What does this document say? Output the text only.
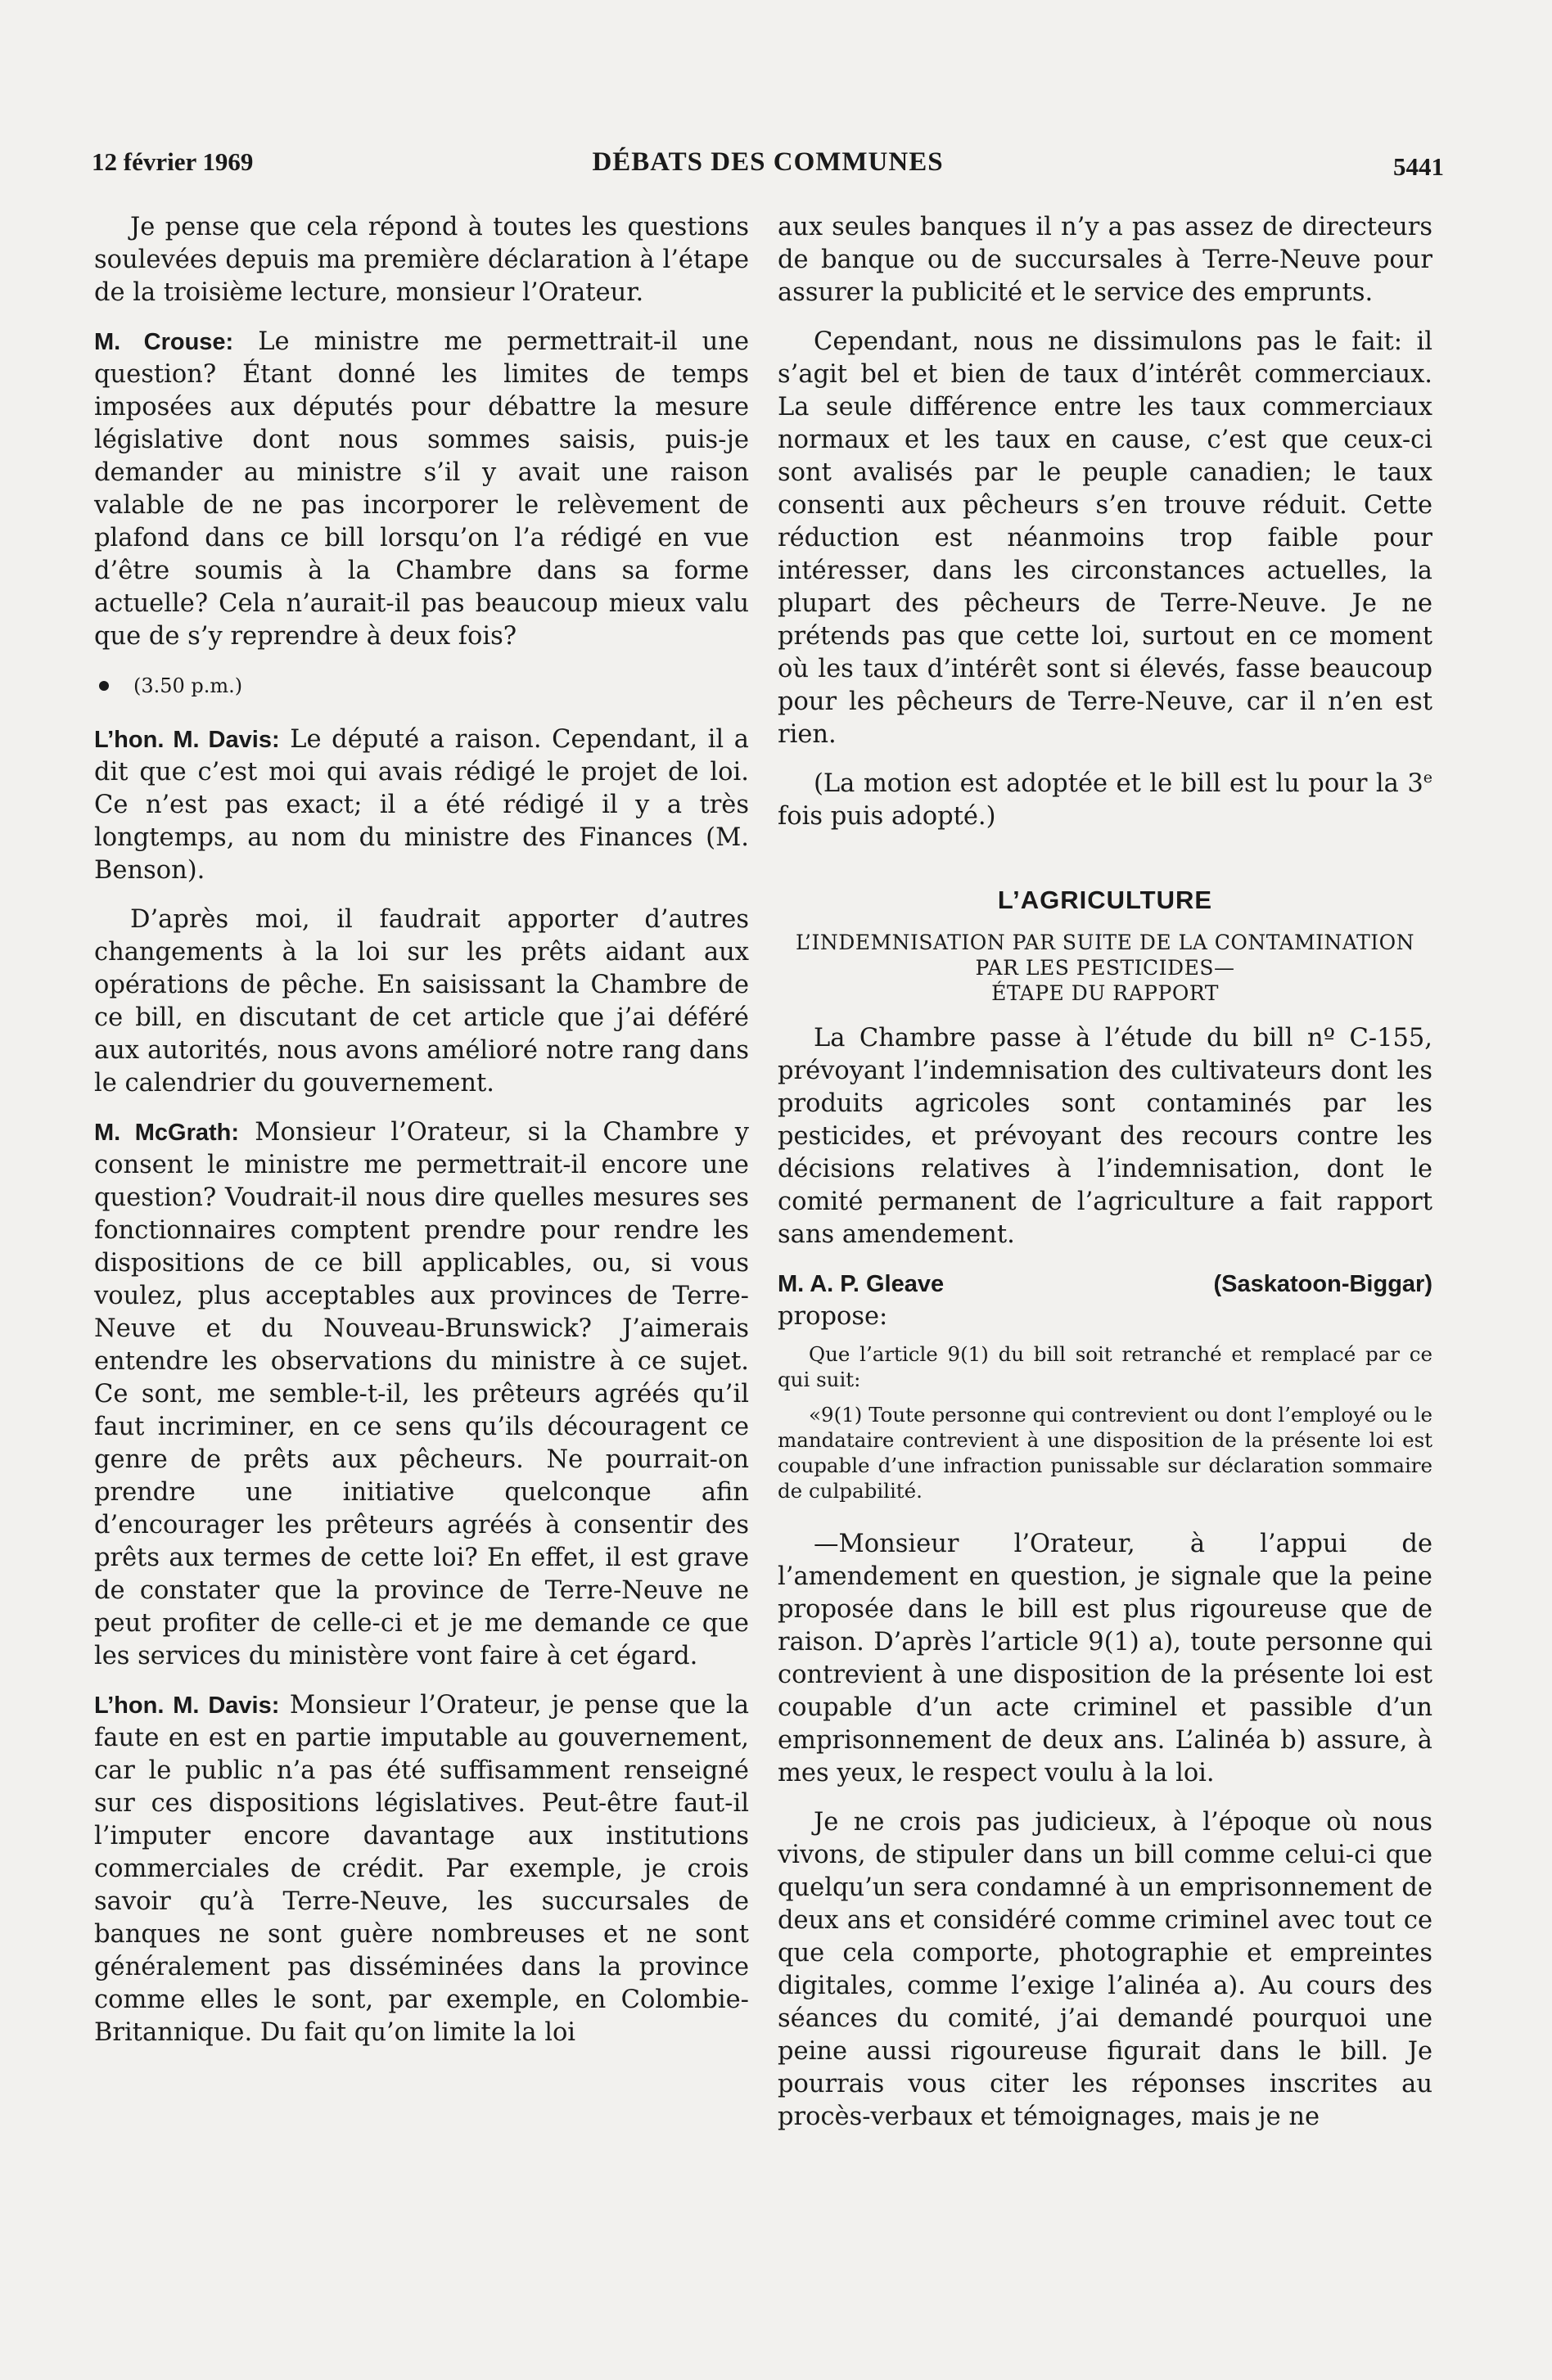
12 février 1969	DÉBATS DES COMMUNES	5441

Je pense que cela répond à toutes les questions soulevées depuis ma première déclaration à l’étape de la troisième lecture, monsieur l’Orateur.

M. Crouse: Le ministre me permettrait-il une question? Étant donné les limites de temps imposées aux députés pour débattre la mesure législative dont nous sommes saisis, puis-je demander au ministre s’il y avait une raison valable de ne pas incorporer le relèvement de plafond dans ce bill lorsqu’on l’a rédigé en vue d’être soumis à la Chambre dans sa forme actuelle? Cela n’aurait-il pas beaucoup mieux valu que de s’y reprendre à deux fois?

(3.50 p.m.)

L’hon. M. Davis: Le député a raison. Cependant, il a dit que c’est moi qui avais rédigé le projet de loi. Ce n’est pas exact; il a été rédigé il y a très longtemps, au nom du ministre des Finances (M. Benson).

D’après moi, il faudrait apporter d’autres changements à la loi sur les prêts aidant aux opérations de pêche. En saisissant la Chambre de ce bill, en discutant de cet article que j’ai déféré aux autorités, nous avons amélioré notre rang dans le calendrier du gouvernement.

M. McGrath: Monsieur l’Orateur, si la Chambre y consent le ministre me permettrait-il encore une question? Voudrait-il nous dire quelles mesures ses fonctionnaires comptent prendre pour rendre les dispositions de ce bill applicables, ou, si vous voulez, plus acceptables aux provinces de Terre-Neuve et du Nouveau-Brunswick? J’aimerais entendre les observations du ministre à ce sujet. Ce sont, me semble-t-il, les prêteurs agréés qu’il faut incriminer, en ce sens qu’ils découragent ce genre de prêts aux pêcheurs. Ne pourrait-on prendre une initiative quelconque afin d’encourager les prêteurs agréés à consentir des prêts aux termes de cette loi? En effet, il est grave de constater que la province de Terre-Neuve ne peut profiter de celle-ci et je me demande ce que les services du ministère vont faire à cet égard.

L’hon. M. Davis: Monsieur l’Orateur, je pense que la faute en est en partie imputable au gouvernement, car le public n’a pas été suffisamment renseigné sur ces dispositions législatives. Peut-être faut-il l’imputer encore davantage aux institutions commerciales de crédit. Par exemple, je crois savoir qu’à Terre-Neuve, les succursales de banques ne sont guère nombreuses et ne sont généralement pas disséminées dans la province comme elles le sont, par exemple, en Colombie-Britannique. Du fait qu’on limite la loi

aux seules banques il n’y a pas assez de directeurs de banque ou de succursales à Terre-Neuve pour assurer la publicité et le service des emprunts.

Cependant, nous ne dissimulons pas le fait: il s’agit bel et bien de taux d’intérêt commerciaux. La seule différence entre les taux commerciaux normaux et les taux en cause, c’est que ceux-ci sont avalisés par le peuple canadien; le taux consenti aux pêcheurs s’en trouve réduit. Cette réduction est néanmoins trop faible pour intéresser, dans les circonstances actuelles, la plupart des pêcheurs de Terre-Neuve. Je ne prétends pas que cette loi, surtout en ce moment où les taux d’intérêt sont si élevés, fasse beaucoup pour les pêcheurs de Terre-Neuve, car il n’en est rien.

(La motion est adoptée et le bill est lu pour la 3e fois puis adopté.)

L’AGRICULTURE
L’INDEMNISATION PAR SUITE DE LA CONTAMINATION PAR LES PESTICIDES—
ÉTAPE DU RAPPORT

La Chambre passe à l’étude du bill nº C-155, prévoyant l’indemnisation des cultivateurs dont les produits agricoles sont contaminés par les pesticides, et prévoyant des recours contre les décisions relatives à l’indemnisation, dont le comité permanent de l’agriculture a fait rapport sans amendement.

M. A. P. Gleave	(Saskatoon-Biggar)

propose:

Que l’article 9(1) du bill soit retranché et remplacé par ce qui suit:

«9(1) Toute personne qui contrevient ou dont l’employé ou le mandataire contrevient à une disposition de la présente loi est coupable d’une infraction punissable sur déclaration sommaire de culpabilité.

—Monsieur l’Orateur, à l’appui de l’amendement en question, je signale que la peine proposée dans le bill est plus rigoureuse que de raison. D’après l’article 9(1) a), toute personne qui contrevient à une disposition de la présente loi est coupable d’un acte criminel et passible d’un emprisonnement de deux ans. L’alinéa b) assure, à mes yeux, le respect voulu à la loi.

Je ne crois pas judicieux, à l’époque où nous vivons, de stipuler dans un bill comme celui-ci que quelqu’un sera condamné à un emprisonnement de deux ans et considéré comme criminel avec tout ce que cela comporte, photographie et empreintes digitales, comme l’exige l’alinéa a). Au cours des séances du comité, j’ai demandé pourquoi une peine aussi rigoureuse figurait dans le bill. Je pourrais vous citer les réponses inscrites au procès-verbaux et témoignages, mais je ne
